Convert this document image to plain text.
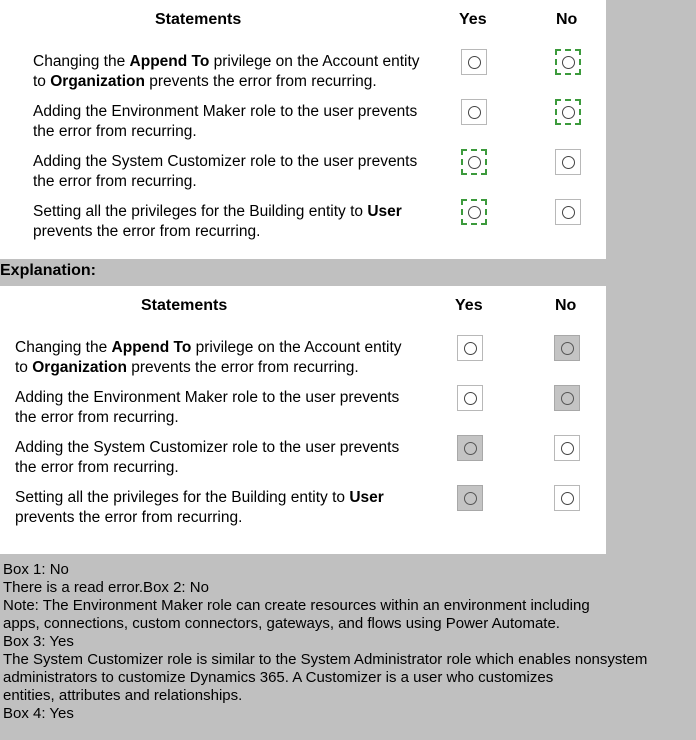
Statements	Yes	No
Changing the Append To privilege on the Account entity
to Organization prevents the error from recurring.
Adding the Environment Maker role to the user prevents
the error from recurring.
Adding the System Customizer role to the user prevents
the error from recurring.
Setting all the privileges for the Building entity to User
prevents the error from recurring.
Explanation:
Statements	Yes	No
Changing the Append To privilege on the Account entity
to Organization prevents the error from recurring.
Adding the Environment Maker role to the user prevents
the error from recurring.
Adding the System Customizer role to the user prevents
the error from recurring.
Setting all the privileges for the Building entity to User
prevents the error from recurring.
Box 1: No
There is a read error.Box 2: No
Note: The Environment Maker role can create resources within an environment including
apps, connections, custom connectors, gateways, and flows using Power Automate.
Box 3: Yes
The System Customizer role is similar to the System Administrator role which enables nonsystem
administrators to customize Dynamics 365. A Customizer is a user who customizes
entities, attributes and relationships.
Box 4: Yes
